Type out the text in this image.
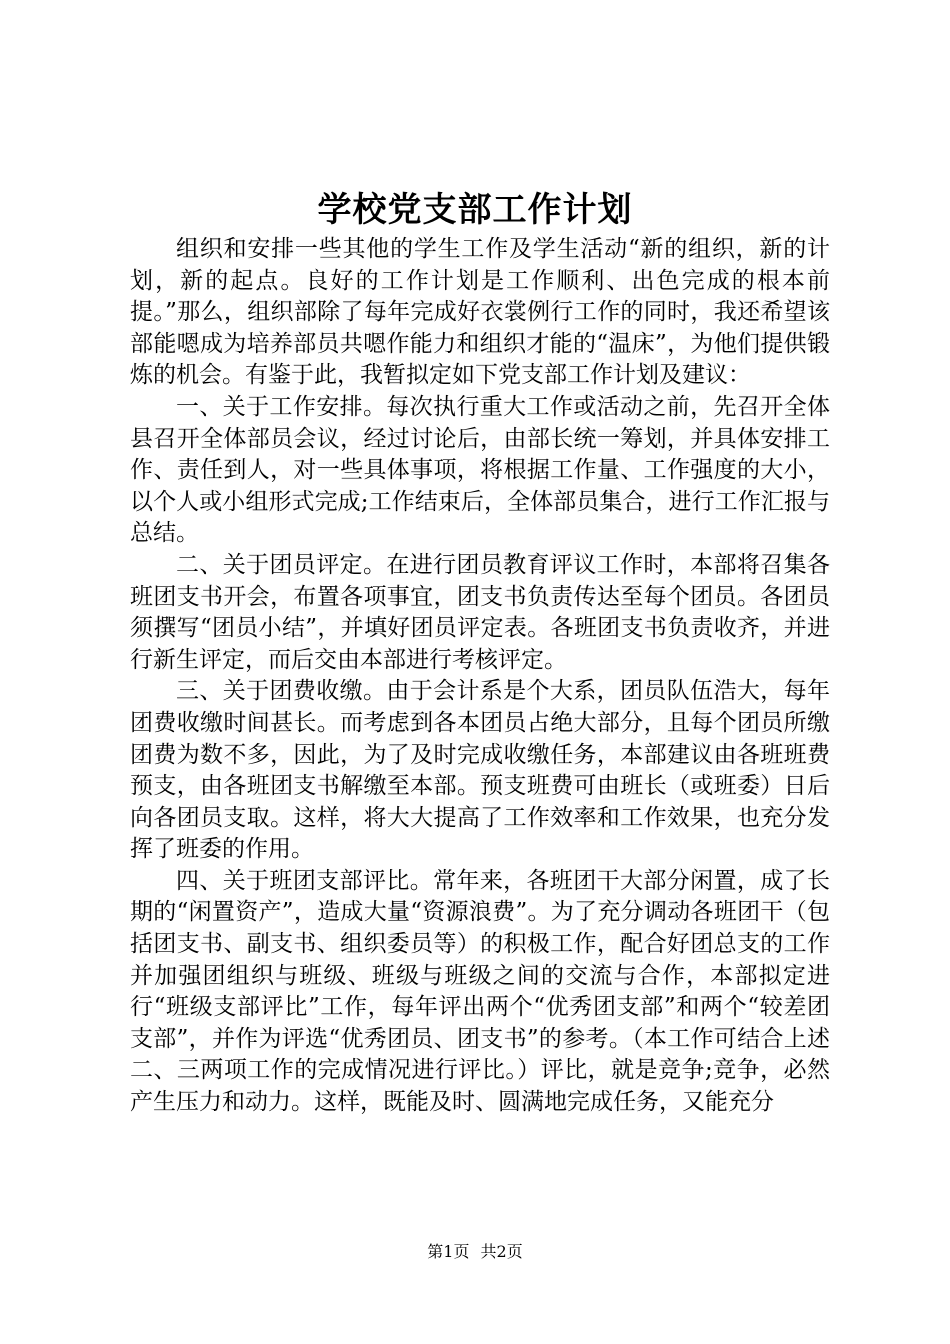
学校党支部工作计划

组织和安排一些其他的学生工作及学生活动“新的组织，新的计划，新的起点。良好的工作计划是工作顺利、出色完成的根本前提。”那么，组织部除了每年完成好衣裳例行工作的同时，我还希望该部能嗯成为培养部员共嗯作能力和组织才能的“温床”，为他们提供锻炼的机会。有鉴于此，我暂拟定如下党支部工作计划及建议：

一、关于工作安排。每次执行重大工作或活动之前，先召开全体县召开全体部员会议，经过讨论后，由部长统一筹划，并具体安排工作、责任到人，对一些具体事项，将根据工作量、工作强度的大小，以个人或小组形式完成;工作结束后，全体部员集合，进行工作汇报与总结。

二、关于团员评定。在进行团员教育评议工作时，本部将召集各班团支书开会，布置各项事宜，团支书负责传达至每个团员。各团员须撰写“团员小结”，并填好团员评定表。各班团支书负责收齐，并进行新生评定，而后交由本部进行考核评定。

三、关于团费收缴。由于会计系是个大系，团员队伍浩大，每年团费收缴时间甚长。而考虑到各本团员占绝大部分，且每个团员所缴团费为数不多，因此，为了及时完成收缴任务，本部建议由各班班费预支，由各班团支书解缴至本部。预支班费可由班长（或班委）日后向各团员支取。这样，将大大提高了工作效率和工作效果，也充分发挥了班委的作用。

四、关于班团支部评比。常年来，各班团干大部分闲置，成了长期的“闲置资产”，造成大量“资源浪费”。为了充分调动各班团干（包括团支书、副支书、组织委员等）的积极工作，配合好团总支的工作并加强团组织与班级、班级与班级之间的交流与合作，本部拟定进行“班级支部评比”工作，每年评出两个“优秀团支部”和两个“较差团支部”，并作为评选“优秀团员、团支书”的参考。（本工作可结合上述二、三两项工作的完成情况进行评比。）评比，就是竞争;竞争，必然产生压力和动力。这样，既能及时、圆满地完成任务，又能充分

第1页 共2页
